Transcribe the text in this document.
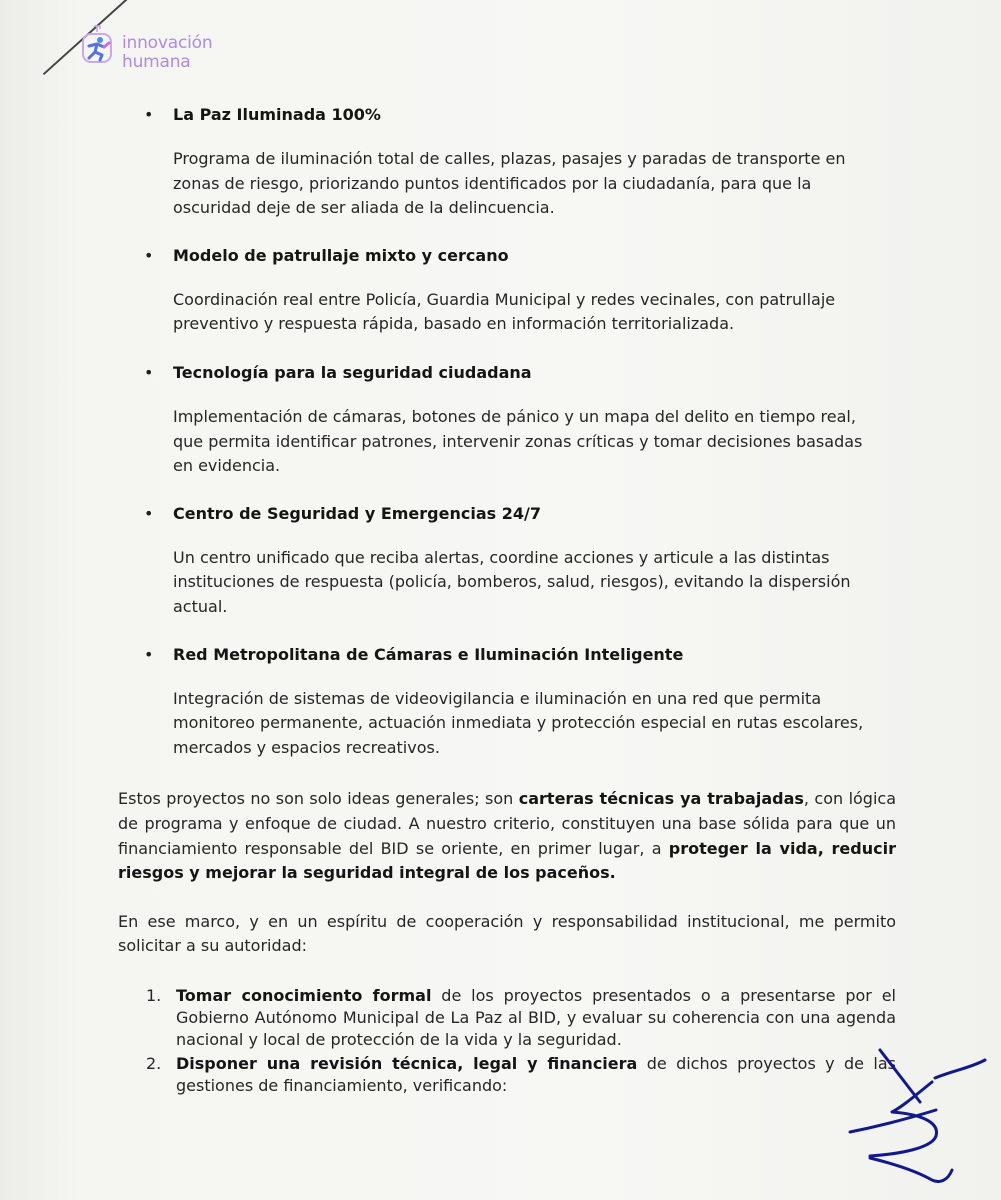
innovación
humana
• La Paz Iluminada 100%
Programa de iluminación total de calles, plazas, pasajes y paradas de transporte en
zonas de riesgo, priorizando puntos identificados por la ciudadanía, para que la
oscuridad deje de ser aliada de la delincuencia.
• Modelo de patrullaje mixto y cercano
Coordinación real entre Policía, Guardia Municipal y redes vecinales, con patrullaje
preventivo y respuesta rápida, basado en información territorializada.
• Tecnología para la seguridad ciudadana
Implementación de cámaras, botones de pánico y un mapa del delito en tiempo real,
que permita identificar patrones, intervenir zonas críticas y tomar decisiones basadas
en evidencia.
• Centro de Seguridad y Emergencias 24/7
Un centro unificado que reciba alertas, coordine acciones y articule a las distintas
instituciones de respuesta (policía, bomberos, salud, riesgos), evitando la dispersión
actual.
• Red Metropolitana de Cámaras e Iluminación Inteligente
Integración de sistemas de videovigilancia e iluminación en una red que permita
monitoreo permanente, actuación inmediata y protección especial en rutas escolares,
mercados y espacios recreativos.
Estos proyectos no son solo ideas generales; son carteras técnicas ya trabajadas, con lógica de programa y enfoque de ciudad. A nuestro criterio, constituyen una base sólida para que un financiamiento responsable del BID se oriente, en primer lugar, a proteger la vida, reducir riesgos y mejorar la seguridad integral de los paceños.
En ese marco, y en un espíritu de cooperación y responsabilidad institucional, me permito solicitar a su autoridad:
1. Tomar conocimiento formal de los proyectos presentados o a presentarse por el Gobierno Autónomo Municipal de La Paz al BID, y evaluar su coherencia con una agenda nacional y local de protección de la vida y la seguridad.
2. Disponer una revisión técnica, legal y financiera de dichos proyectos y de las gestiones de financiamiento, verificando:
